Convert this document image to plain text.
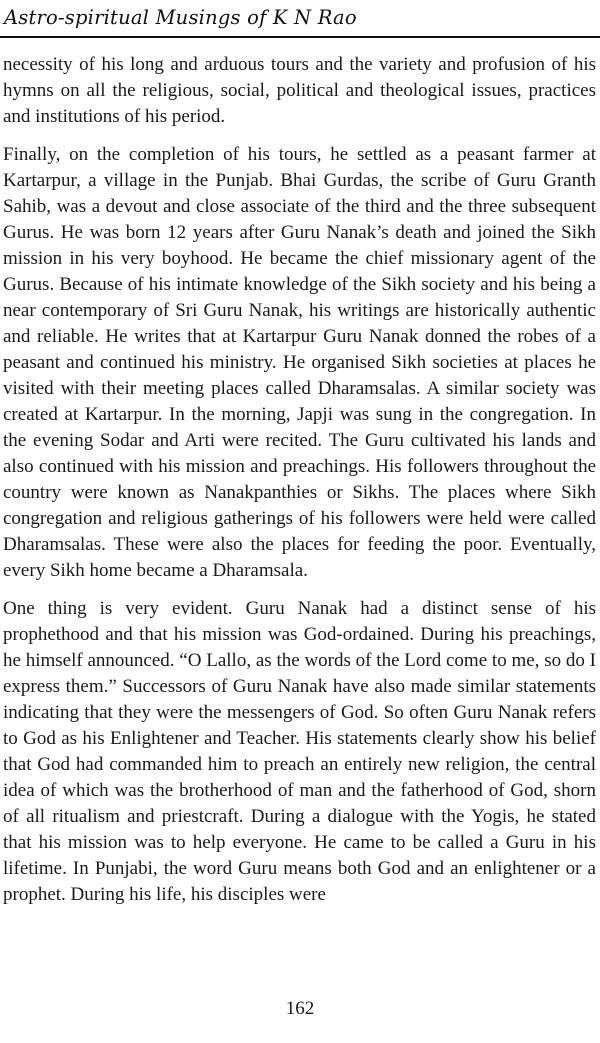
Astro-spiritual Musings of K N Rao

necessity of his long and arduous tours and the variety and profusion of his hymns on all the religious, social, political and theological issues, practices and institutions of his period.

Finally, on the completion of his tours, he settled as a peasant farmer at Kartarpur, a village in the Punjab. Bhai Gurdas, the scribe of Guru Granth Sahib, was a devout and close associate of the third and the three subsequent Gurus. He was born 12 years after Guru Nanak’s death and joined the Sikh mission in his very boyhood. He became the chief missionary agent of the Gurus. Because of his intimate knowledge of the Sikh society and his being a near contemporary of Sri Guru Nanak, his writings are historically authentic and reliable. He writes that at Kartarpur Guru Nanak donned the robes of a peasant and continued his ministry. He organised Sikh societies at places he visited with their meeting places called Dharamsalas. A similar society was created at Kartarpur. In the morning, Japji was sung in the congregation. In the evening Sodar and Arti were recited. The Guru cultivated his lands and also continued with his mission and preachings. His followers throughout the country were known as Nanakpanthies or Sikhs. The places where Sikh congregation and religious gatherings of his followers were held were called Dharamsalas. These were also the places for feeding the poor. Eventually, every Sikh home became a Dharamsala.

One thing is very evident. Guru Nanak had a distinct sense of his prophethood and that his mission was God-ordained. During his preachings, he himself announced. “O Lallo, as the words of the Lord come to me, so do I express them.” Successors of Guru Nanak have also made similar statements indicating that they were the messengers of God. So often Guru Nanak refers to God as his Enlightener and Teacher. His statements clearly show his belief that God had commanded him to preach an entirely new religion, the central idea of which was the brotherhood of man and the fatherhood of God, shorn of all ritualism and priestcraft. During a dialogue with the Yogis, he stated that his mission was to help everyone. He came to be called a Guru in his lifetime. In Punjabi, the word Guru means both God and an enlightener or a prophet. During his life, his disciples were

162
